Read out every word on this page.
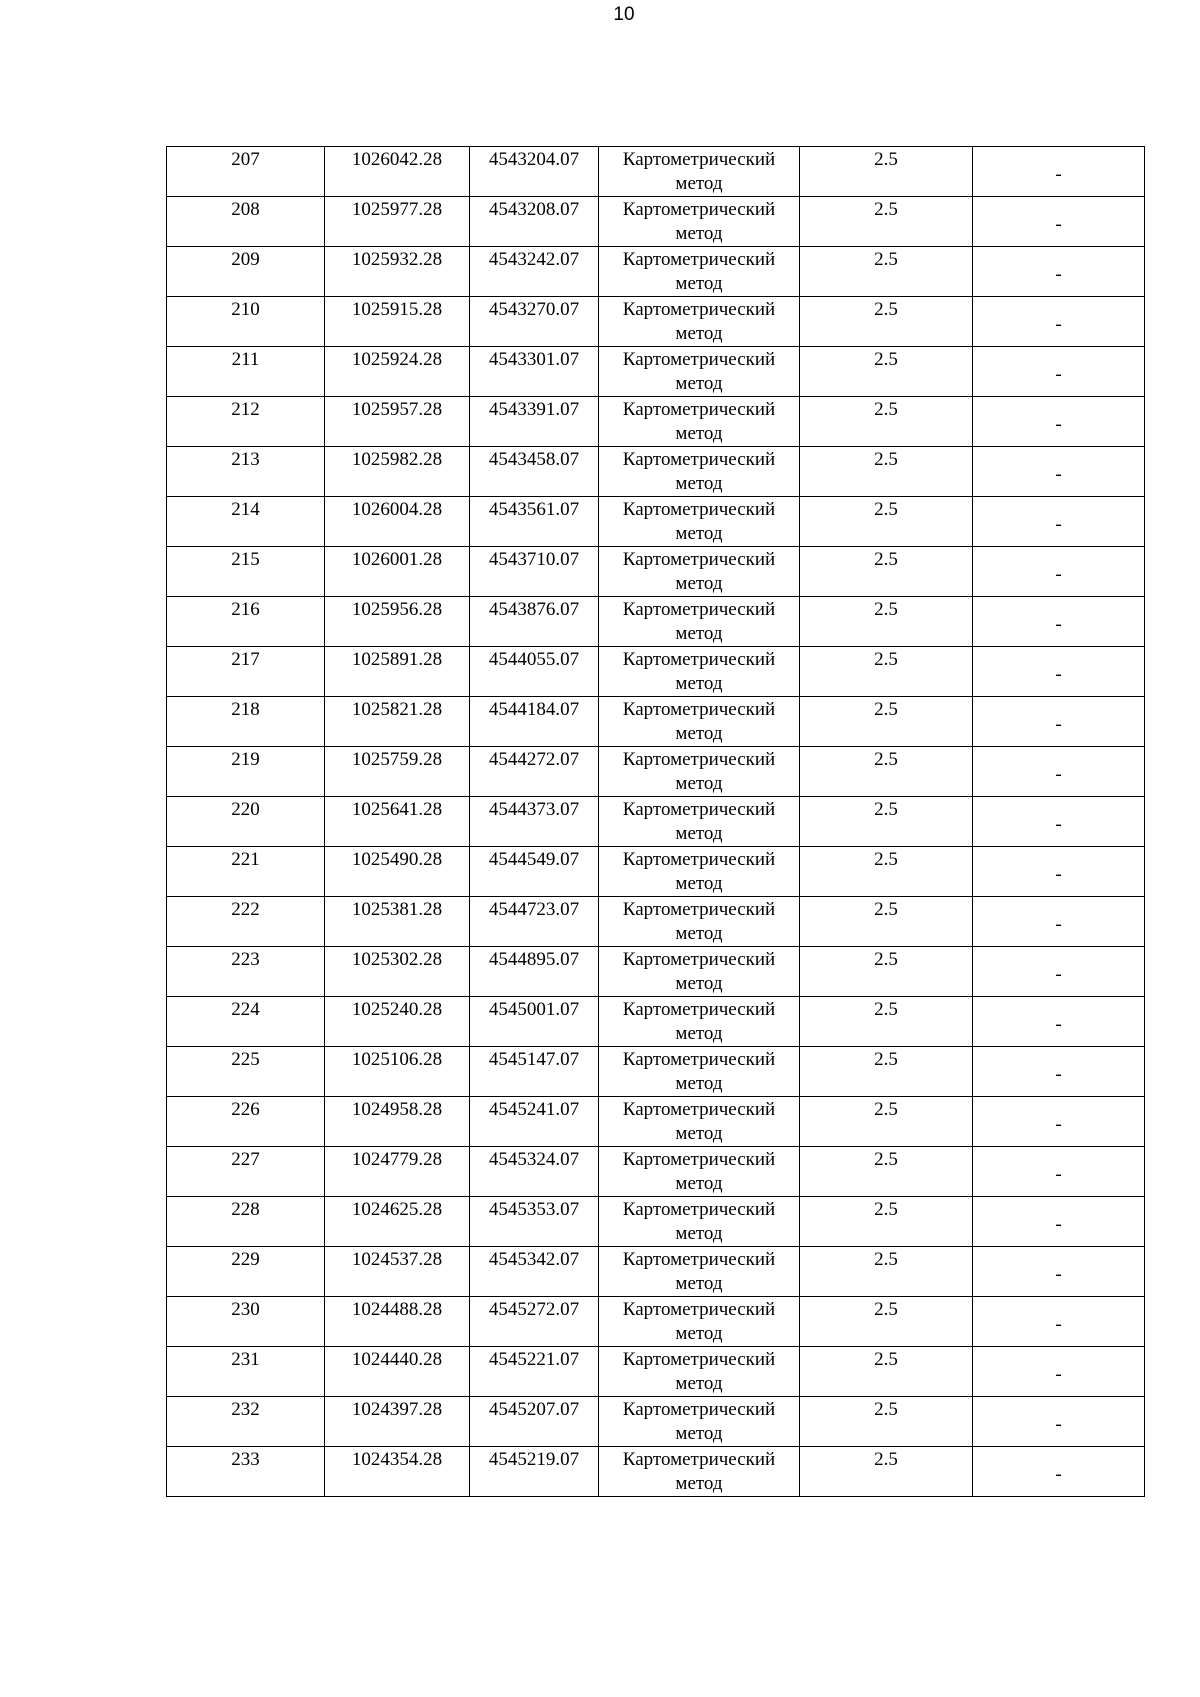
10
207	1026042.28	4543204.07	Картометрический
метод	2.5	-
208	1025977.28	4543208.07	Картометрический
метод	2.5	-
209	1025932.28	4543242.07	Картометрический
метод	2.5	-
210	1025915.28	4543270.07	Картометрический
метод	2.5	-
211	1025924.28	4543301.07	Картометрический
метод	2.5	-
212	1025957.28	4543391.07	Картометрический
метод	2.5	-
213	1025982.28	4543458.07	Картометрический
метод	2.5	-
214	1026004.28	4543561.07	Картометрический
метод	2.5	-
215	1026001.28	4543710.07	Картометрический
метод	2.5	-
216	1025956.28	4543876.07	Картометрический
метод	2.5	-
217	1025891.28	4544055.07	Картометрический
метод	2.5	-
218	1025821.28	4544184.07	Картометрический
метод	2.5	-
219	1025759.28	4544272.07	Картометрический
метод	2.5	-
220	1025641.28	4544373.07	Картометрический
метод	2.5	-
221	1025490.28	4544549.07	Картометрический
метод	2.5	-
222	1025381.28	4544723.07	Картометрический
метод	2.5	-
223	1025302.28	4544895.07	Картометрический
метод	2.5	-
224	1025240.28	4545001.07	Картометрический
метод	2.5	-
225	1025106.28	4545147.07	Картометрический
метод	2.5	-
226	1024958.28	4545241.07	Картометрический
метод	2.5	-
227	1024779.28	4545324.07	Картометрический
метод	2.5	-
228	1024625.28	4545353.07	Картометрический
метод	2.5	-
229	1024537.28	4545342.07	Картометрический
метод	2.5	-
230	1024488.28	4545272.07	Картометрический
метод	2.5	-
231	1024440.28	4545221.07	Картометрический
метод	2.5	-
232	1024397.28	4545207.07	Картометрический
метод	2.5	-
233	1024354.28	4545219.07	Картометрический
метод	2.5	-
